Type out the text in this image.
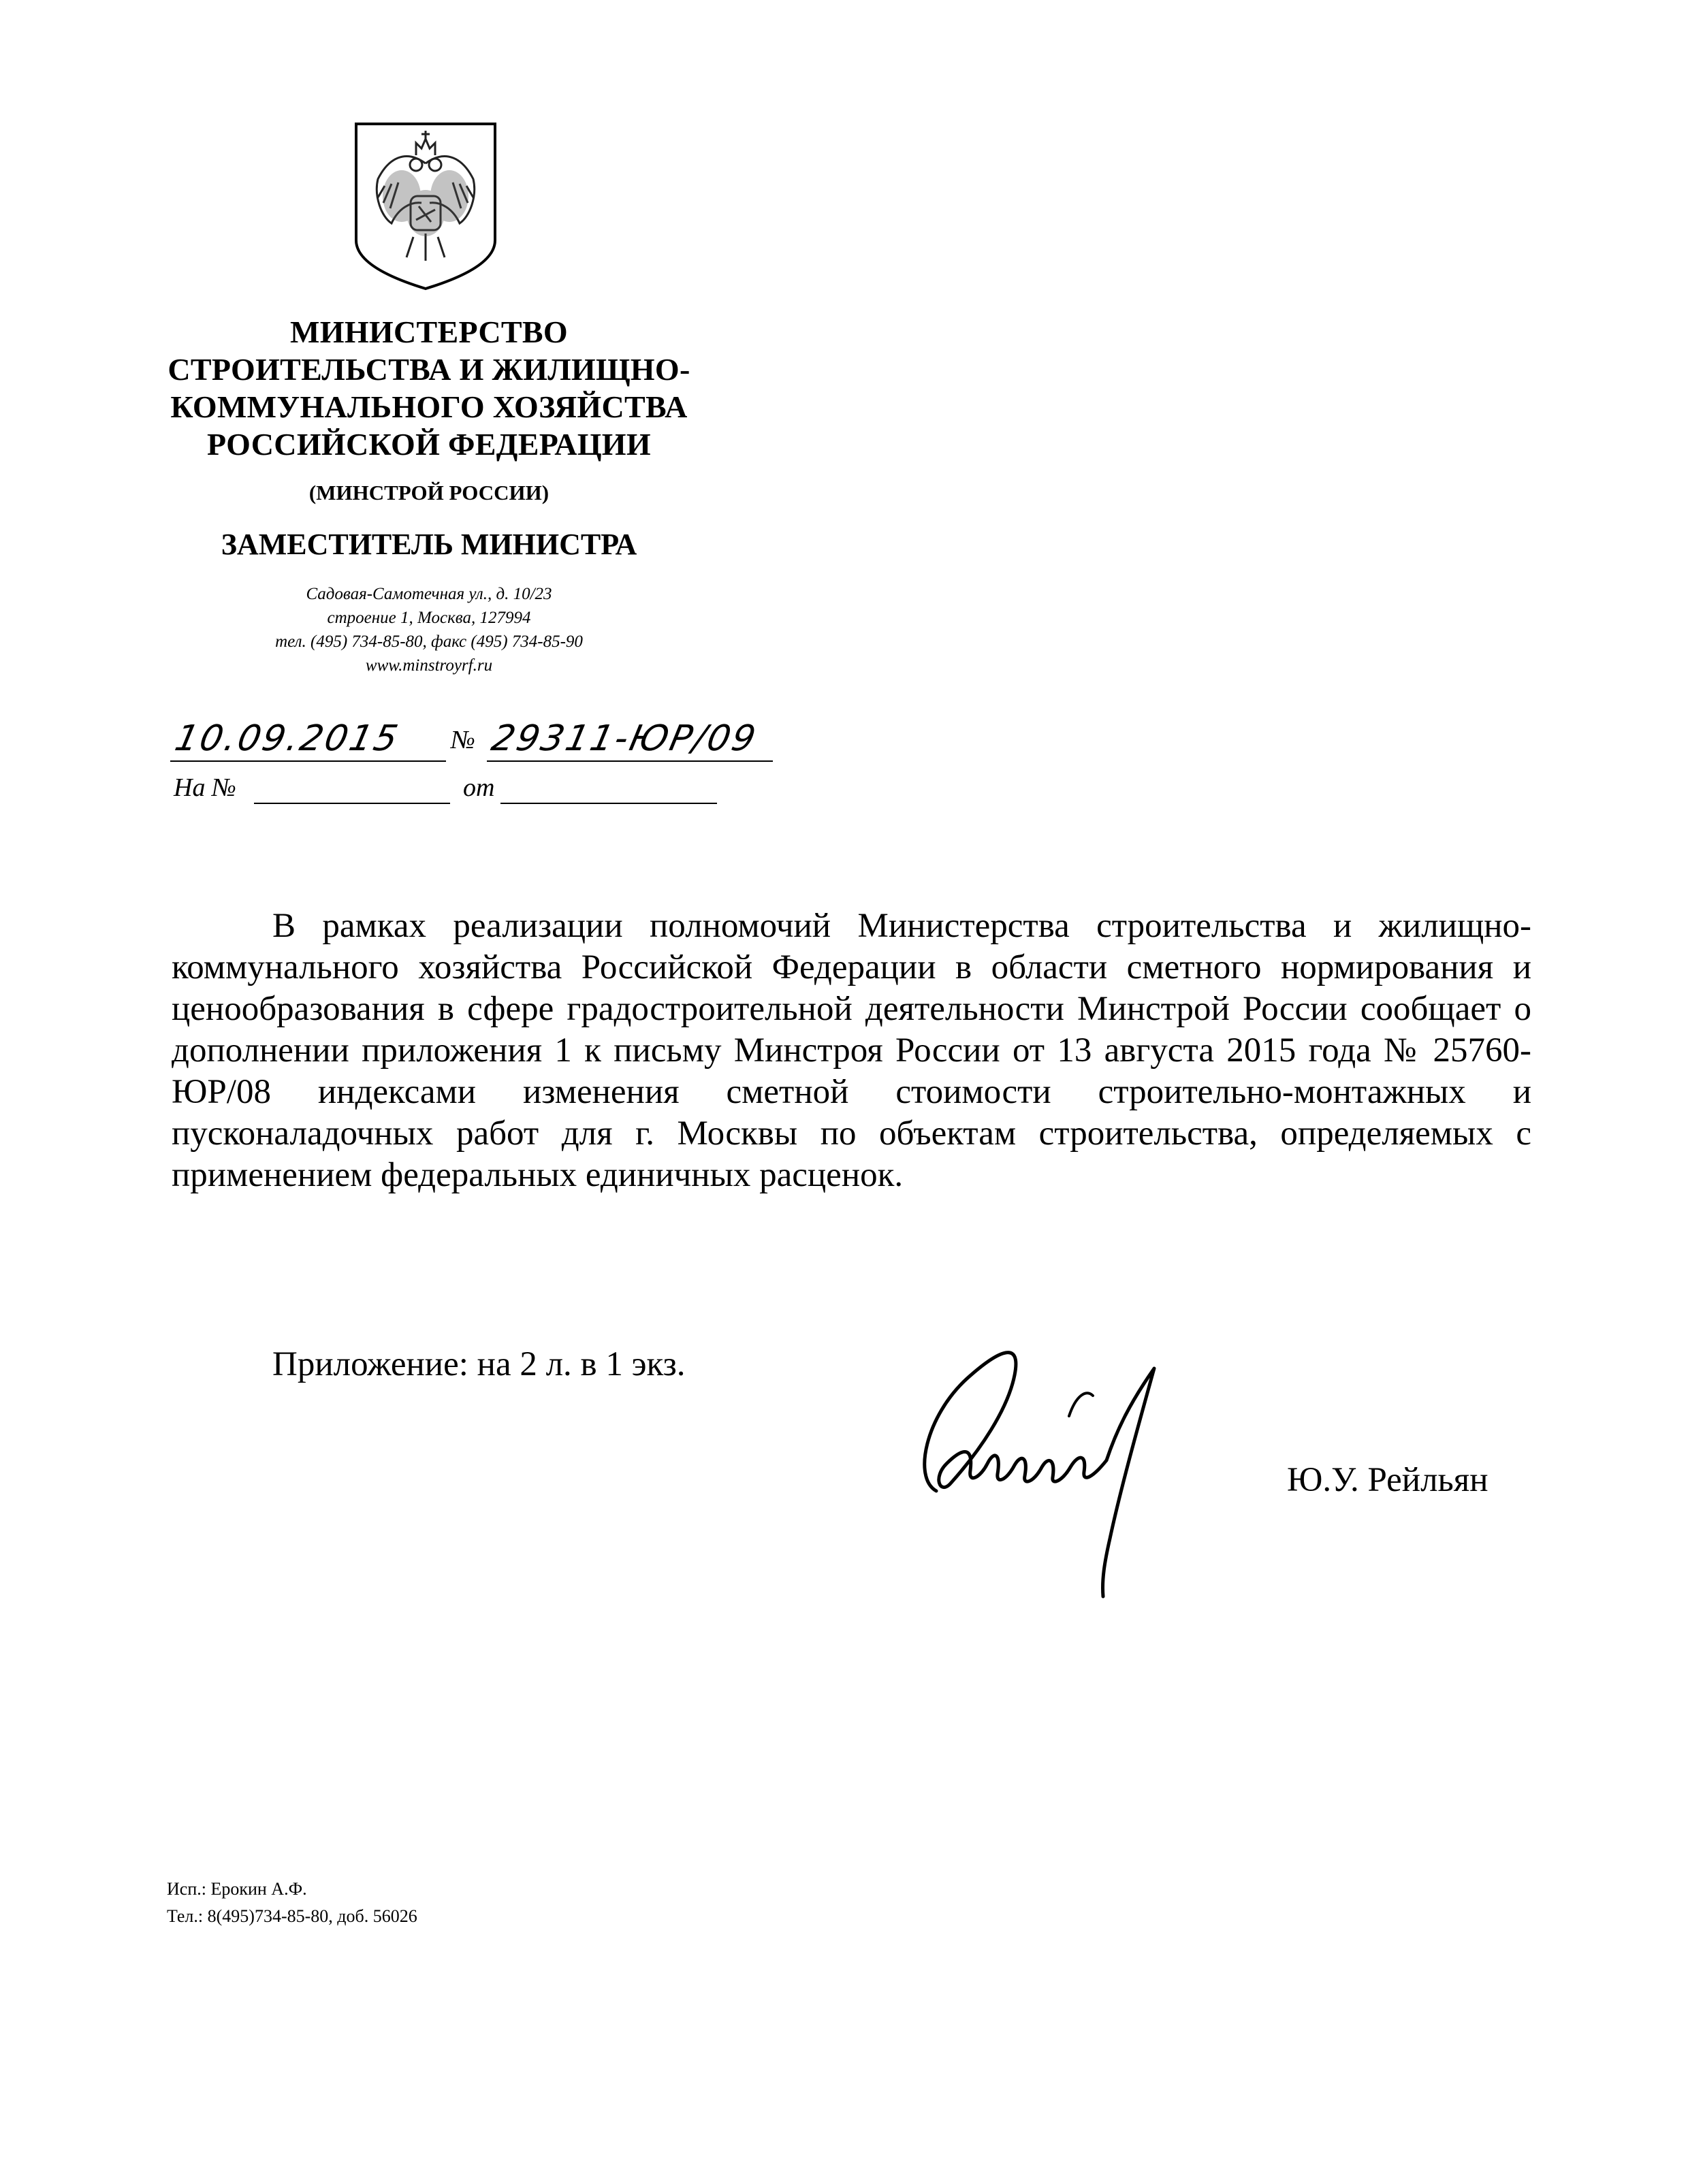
МИНИСТЕРСТВО
СТРОИТЕЛЬСТВА И ЖИЛИЩНО-
КОММУНАЛЬНОГО ХОЗЯЙСТВА
РОССИЙСКОЙ ФЕДЕРАЦИИ
(МИНСТРОЙ РОССИИ)
ЗАМЕСТИТЕЛЬ МИНИСТРА
Садовая-Самотечная ул., д. 10/23
строение 1, Москва, 127994
тел. (495) 734-85-80, факс (495) 734-85-90
www.minstroyrf.ru
10.09.2015	№ 29311-ЮР/09
На №	от
В рамках реализации полномочий Министерства строительства и жилищно-коммунального хозяйства Российской Федерации в области сметного нормирования и ценообразования в сфере градостроительной деятельности Минстрой России сообщает о дополнении приложения 1 к письму Минстроя России от 13 августа 2015 года № 25760-ЮР/08 индексами изменения сметной стоимости строительно-монтажных и пусконаладочных работ для г. Москвы по объектам строительства, определяемых с применением федеральных единичных расценок.
Приложение: на 2 л. в 1 экз.
Ю.У. Рейльян
Исп.: Ерокин А.Ф.
Тел.: 8(495)734-85-80, доб. 56026
